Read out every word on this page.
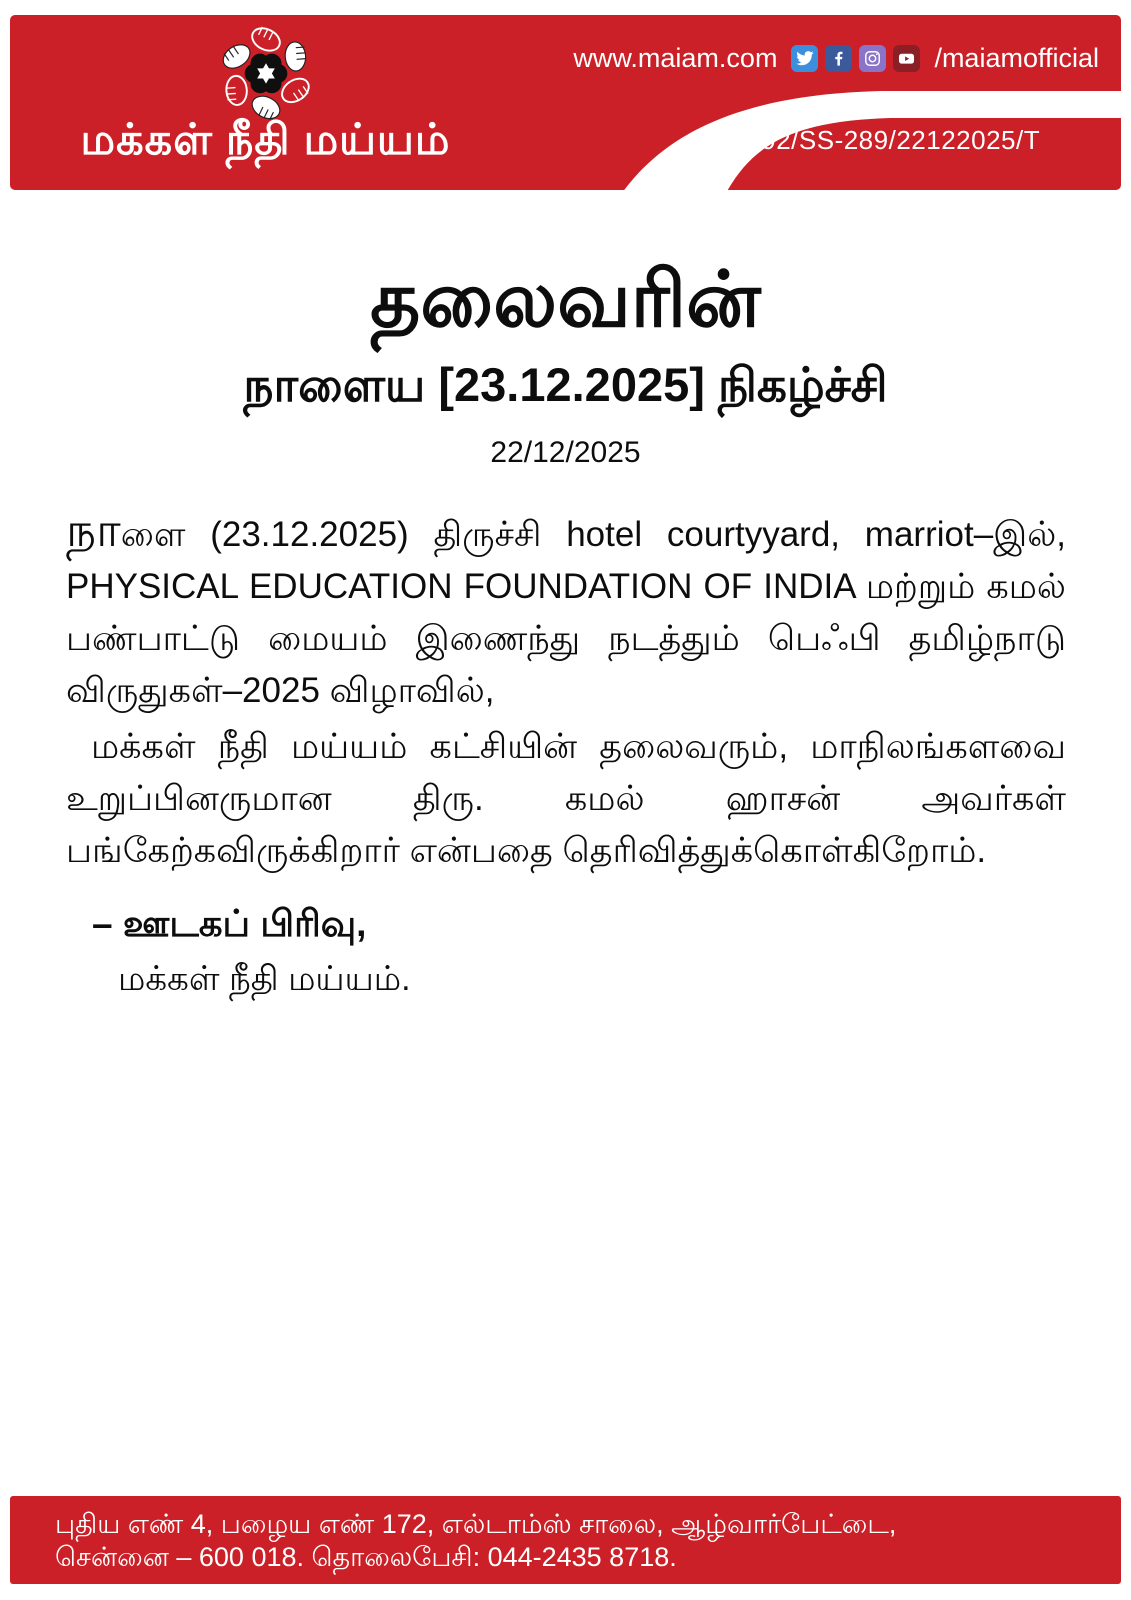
மக்கள் நீதி மய்யம்
www.maiam.com	/maiamofficial
PR-392/SS-289/22122025/T
தலைவரின்
நாளைய [23.12.2025] நிகழ்ச்சி
22/12/2025

நாளை (23.12.2025) திருச்சி hotel courtyyard, marriot–இல், PHYSICAL EDUCATION FOUNDATION OF INDIA மற்றும் கமல் பண்பாட்டு மையம் இணைந்து நடத்தும் பெஃபி தமிழ்நாடு விருதுகள்–2025 விழாவில்,

மக்கள் நீதி மய்யம் கட்சியின் தலைவரும், மாநிலங்களவை உறுப்பினருமான திரு. கமல் ஹாசன் அவர்கள் பங்கேற்கவிருக்கிறார் என்பதை தெரிவித்துக்கொள்கிறோம்.

– ஊடகப் பிரிவு,
மக்கள் நீதி மய்யம்.
புதிய எண் 4, பழைய எண் 172, எல்டாம்ஸ் சாலை, ஆழ்வார்பேட்டை,
சென்னை – 600 018. தொலைபேசி: 044-2435 8718.
